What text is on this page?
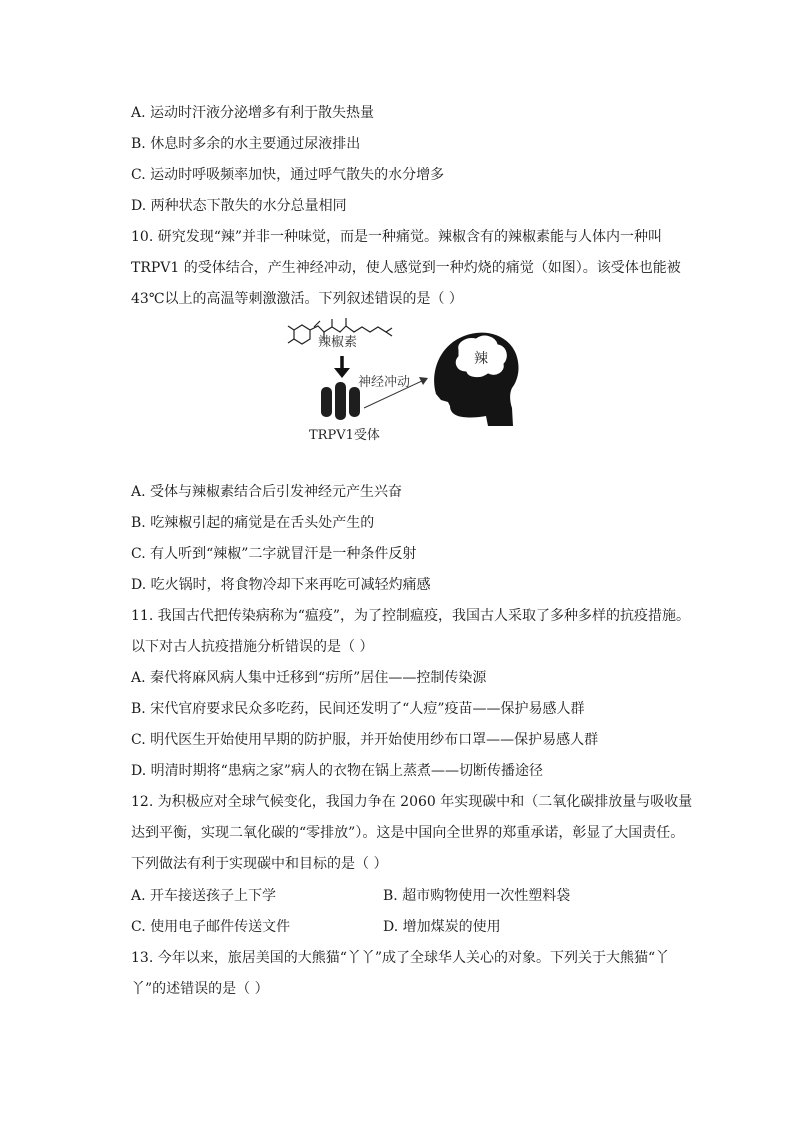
A. 运动时汗液分泌增多有利于散失热量
B. 休息时多余的水主要通过尿液排出
C. 运动时呼吸频率加快，通过呼气散失的水分增多
D. 两种状态下散失的水分总量相同
10. 研究发现“辣”并非一种味觉，而是一种痛觉。辣椒含有的辣椒素能与人体内一种叫
TRPV1 的受体结合，产生神经冲动，使人感觉到一种灼烧的痛觉（如图）。该受体也能被
43℃以上的高温等刺激激活。下列叙述错误的是（ ）
辣椒素
TRPV1受体
神经冲动
辣
A. 受体与辣椒素结合后引发神经元产生兴奋
B. 吃辣椒引起的痛觉是在舌头处产生的
C. 有人听到“辣椒”二字就冒汗是一种条件反射
D. 吃火锅时，将食物冷却下来再吃可减轻灼痛感
11. 我国古代把传染病称为“瘟疫”，为了控制瘟疫，我国古人采取了多种多样的抗疫措施。
以下对古人抗疫措施分析错误的是（ ）
A. 秦代将麻风病人集中迁移到“疠所”居住——控制传染源
B. 宋代官府要求民众多吃药，民间还发明了“人痘”疫苗——保护易感人群
C. 明代医生开始使用早期的防护服，并开始使用纱布口罩——保护易感人群
D. 明清时期将“患病之家”病人的衣物在锅上蒸煮——切断传播途径
12. 为积极应对全球气候变化，我国力争在 2060 年实现碳中和（二氧化碳排放量与吸收量
达到平衡，实现二氧化碳的“零排放”）。这是中国向全世界的郑重承诺，彰显了大国责任。
下列做法有利于实现碳中和目标的是（ ）
A. 开车接送孩子上下学	B. 超市购物使用一次性塑料袋
C. 使用电子邮件传送文件	D. 增加煤炭的使用
13. 今年以来，旅居美国的大熊猫“丫丫”成了全球华人关心的对象。下列关于大熊猫“丫
丫”的述错误的是（ ）
